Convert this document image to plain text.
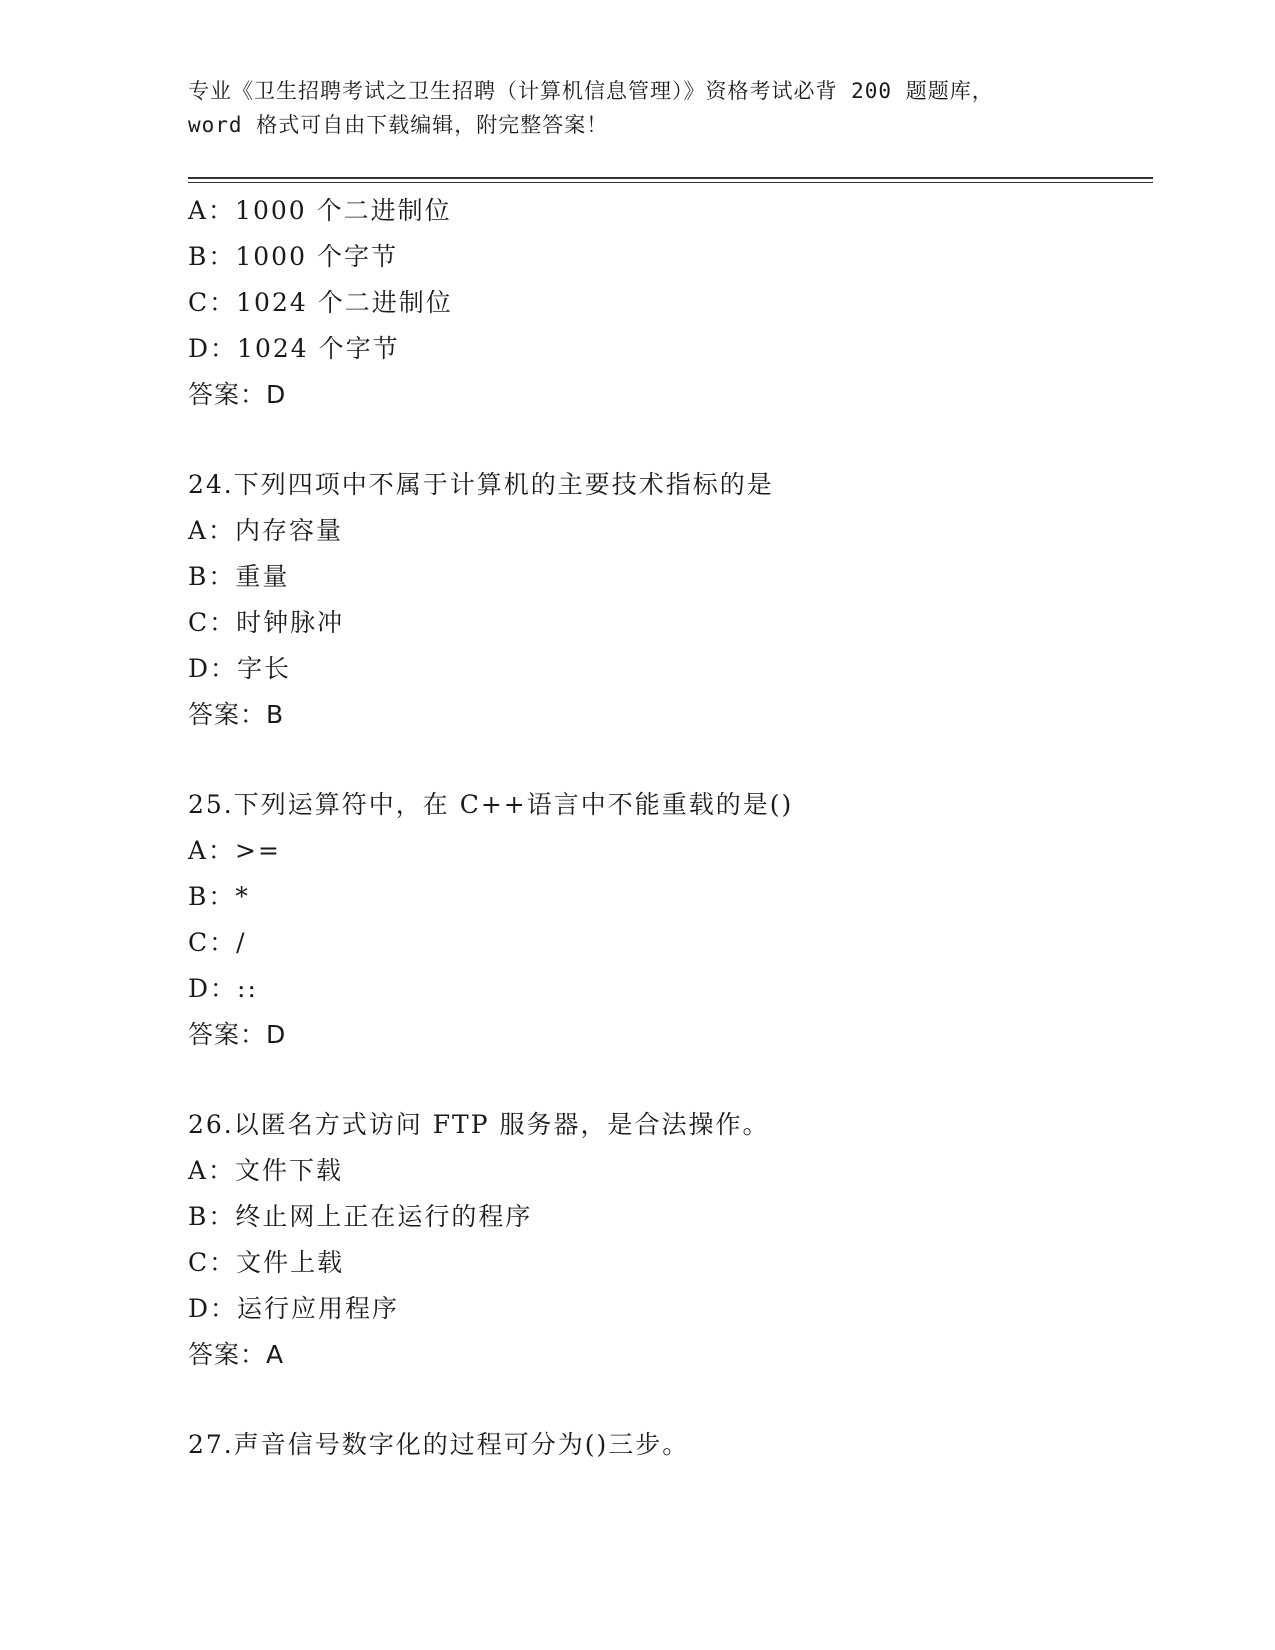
专业《卫生招聘考试之卫生招聘（计算机信息管理）》资格考试必背 200 题题库，
word 格式可自由下载编辑，附完整答案！
A：1000 个二进制位
B：1000 个字节
C：1024 个二进制位
D：1024 个字节
答案：D
24.下列四项中不属于计算机的主要技术指标的是
A：内存容量
B：重量
C：时钟脉冲
D：字长
答案：B
25.下列运算符中，在 C++语言中不能重载的是()
A：>=
B：*
C：/
D：::
答案：D
26.以匿名方式访问 FTP 服务器，是合法操作。
A：文件下载
B：终止网上正在运行的程序
C：文件上载
D：运行应用程序
答案：A
27.声音信号数字化的过程可分为()三步。
